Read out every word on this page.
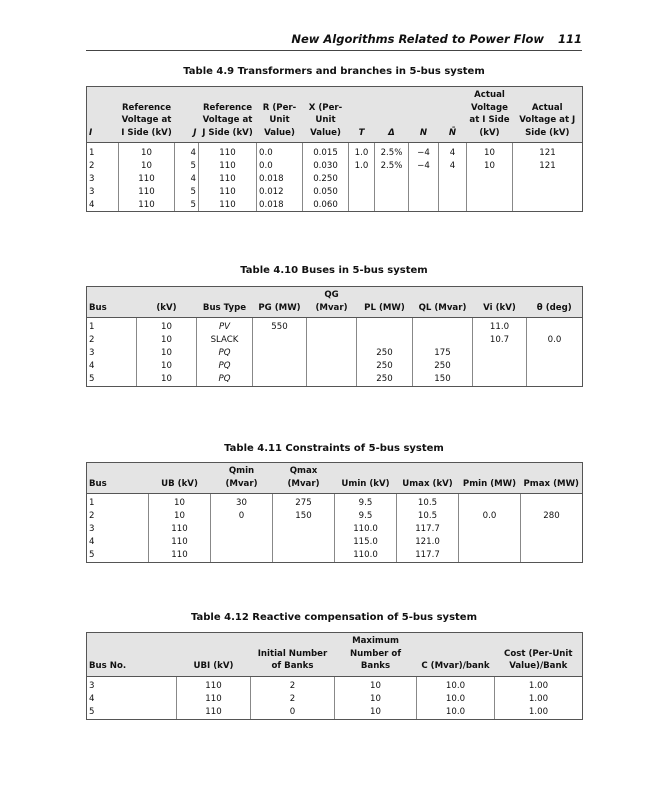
New Algorithms Related to Power Flow 111
Table 4.9 Transformers and branches in 5-bus system
I	Reference Voltage at I Side (kV)	J	Reference Voltage at J Side (kV)	R (Per-Unit Value)	X (Per-Unit Value)	T	Δ	N	N̄	Actual Voltage at I Side (kV)	Actual Voltage at J Side (kV)
1	10	4	110	0.0	0.015	1.0	2.5%	−4	4	10	121
2	10	5	110	0.0	0.030	1.0	2.5%	−4	4	10	121
3	110	4	110	0.018	0.250						
3	110	5	110	0.012	0.050						
4	110	5	110	0.018	0.060						
Table 4.10 Buses in 5-bus system
Bus	(kV)	Bus Type	PG (MW)	QG (Mvar)	PL (MW)	QL (Mvar)	Vi (kV)	θ (deg)
1	10	PV	550				11.0	
2	10	SLACK					10.7	0.0
3	10	PQ			250	175		
4	10	PQ			250	250		
5	10	PQ			250	150		
Table 4.11 Constraints of 5-bus system
Bus	UB (kV)	Qmin (Mvar)	Qmax (Mvar)	Umin (kV)	Umax (kV)	Pmin (MW)	Pmax (MW)
1	10	30	275	9.5	10.5		
2	10	0	150	9.5	10.5	0.0	280
3	110			110.0	117.7		
4	110			115.0	121.0		
5	110			110.0	117.7		
Table 4.12 Reactive compensation of 5-bus system
Bus No.	UBI (kV)	Initial Number of Banks	Maximum Number of Banks	C (Mvar)/bank	Cost (Per-Unit Value)/Bank
3	110	2	10	10.0	1.00
4	110	2	10	10.0	1.00
5	110	0	10	10.0	1.00
